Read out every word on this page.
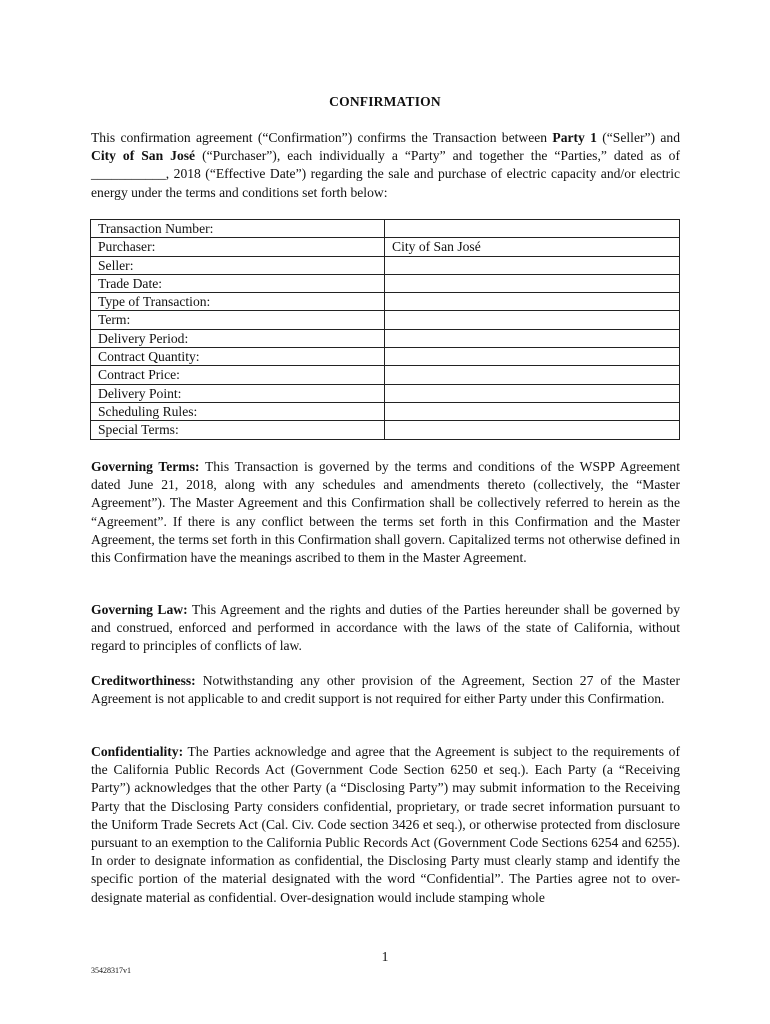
CONFIRMATION
This confirmation agreement (“Confirmation”) confirms the Transaction between Party 1 (“Seller”) and City of San José (“Purchaser”), each individually a “Party” and together the “Parties,” dated as of ___________, 2018 (“Effective Date”) regarding the sale and purchase of electric capacity and/or electric energy under the terms and conditions set forth below:
Transaction Number:	
Purchaser:	City of San José
Seller:	
Trade Date:	
Type of Transaction:	
Term:	
Delivery Period:	
Contract Quantity:	
Contract Price:	
Delivery Point:	
Scheduling Rules:	
Special Terms:	
Governing Terms: This Transaction is governed by the terms and conditions of the WSPP Agreement dated June 21, 2018, along with any schedules and amendments thereto (collectively, the “Master Agreement”). The Master Agreement and this Confirmation shall be collectively referred to herein as the “Agreement”. If there is any conflict between the terms set forth in this Confirmation and the Master Agreement, the terms set forth in this Confirmation shall govern. Capitalized terms not otherwise defined in this Confirmation have the meanings ascribed to them in the Master Agreement.
Governing Law: This Agreement and the rights and duties of the Parties hereunder shall be governed by and construed, enforced and performed in accordance with the laws of the state of California, without regard to principles of conflicts of law.
Creditworthiness: Notwithstanding any other provision of the Agreement, Section 27 of the Master Agreement is not applicable to and credit support is not required for either Party under this Confirmation.
Confidentiality: The Parties acknowledge and agree that the Agreement is subject to the requirements of the California Public Records Act (Government Code Section 6250 et seq.). Each Party (a “Receiving Party”) acknowledges that the other Party (a “Disclosing Party”) may submit information to the Receiving Party that the Disclosing Party considers confidential, proprietary, or trade secret information pursuant to the Uniform Trade Secrets Act (Cal. Civ. Code section 3426 et seq.), or otherwise protected from disclosure pursuant to an exemption to the California Public Records Act (Government Code Sections 6254 and 6255). In order to designate information as confidential, the Disclosing Party must clearly stamp and identify the specific portion of the material designated with the word “Confidential”. The Parties agree not to over-designate material as confidential. Over-designation would include stamping whole
1
35428317v1
